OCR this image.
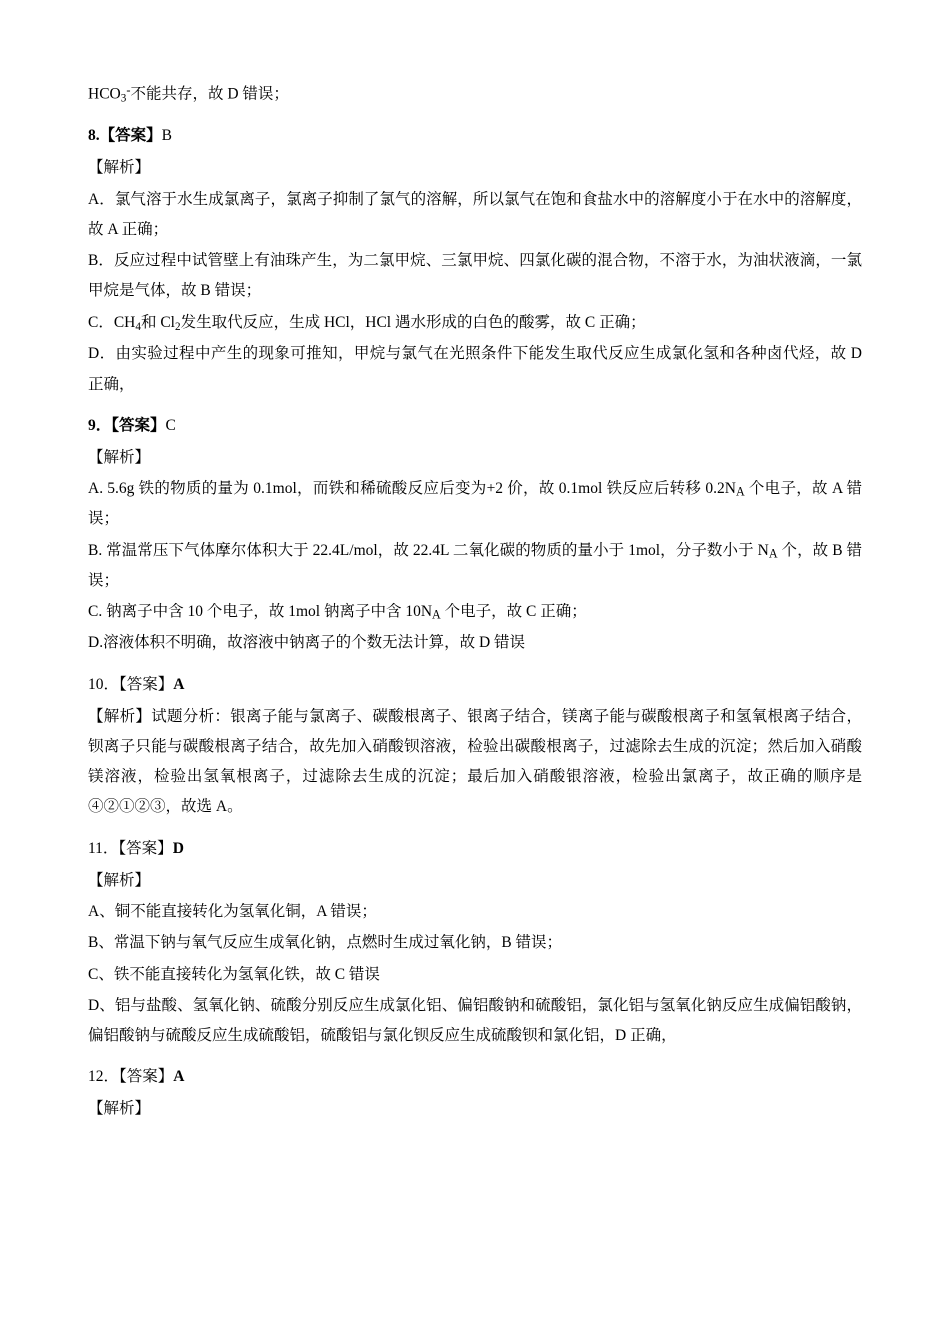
$HCO_3^-$不能共存，故 D 错误；

8.【答案】B

【解析】

A．氯气溶于水生成氯离子，氯离子抑制了氯气的溶解，所以氯气在饱和食盐水中的溶解度小于在水中的溶解度，故 A 正确；

B．反应过程中试管壁上有油珠产生，为二氯甲烷、三氯甲烷、四氯化碳的混合物，不溶于水，为油状液滴，一氯甲烷是气体，故 B 错误；

C．$CH_4$和 $Cl_2$发生取代反应，生成 HCl，HCl 遇水形成的白色的酸雾，故 C 正确；

D．由实验过程中产生的现象可推知，甲烷与氯气在光照条件下能发生取代反应生成氯化氢和各种卤代烃，故 D 正确，

9．【答案】C

【解析】

A. 5.6g 铁的物质的量为 0.1mol，而铁和稀硫酸反应后变为+2 价，故 0.1mol 铁反应后转移 0.2NA 个电子，故 A 错误；

B. 常温常压下气体摩尔体积大于 22.4L/mol，故 22.4L 二氧化碳的物质的量小于 1mol，分子数小于 NA 个，故 B 错误；

C. 钠离子中含 10 个电子，故 1mol 钠离子中含 10NA 个电子，故 C 正确；

D.溶液体积不明确，故溶液中钠离子的个数无法计算，故 D 错误

10．【答案】A

【解析】试题分析：银离子能与氯离子、碳酸根离子、银离子结合，镁离子能与碳酸根离子和氢氧根离子结合，钡离子只能与碳酸根离子结合，故先加入硝酸钡溶液，检验出碳酸根离子，过滤除去生成的沉淀；然后加入硝酸镁溶液，检验出氢氧根离子，过滤除去生成的沉淀；最后加入硝酸银溶液，检验出氯离子，故正确的顺序是④②①②③，故选 A。

11．【答案】D

【解析】

A、铜不能直接转化为氢氧化铜，A 错误；

B、常温下钠与氧气反应生成氧化钠，点燃时生成过氧化钠，B 错误；

C、铁不能直接转化为氢氧化铁，故 C 错误

D、铝与盐酸、氢氧化钠、硫酸分别反应生成氯化铝、偏铝酸钠和硫酸铝，氯化铝与氢氧化钠反应生成偏铝酸钠，偏铝酸钠与硫酸反应生成硫酸铝，硫酸铝与氯化钡反应生成硫酸钡和氯化铝，D 正确，

12．【答案】A

【解析】
